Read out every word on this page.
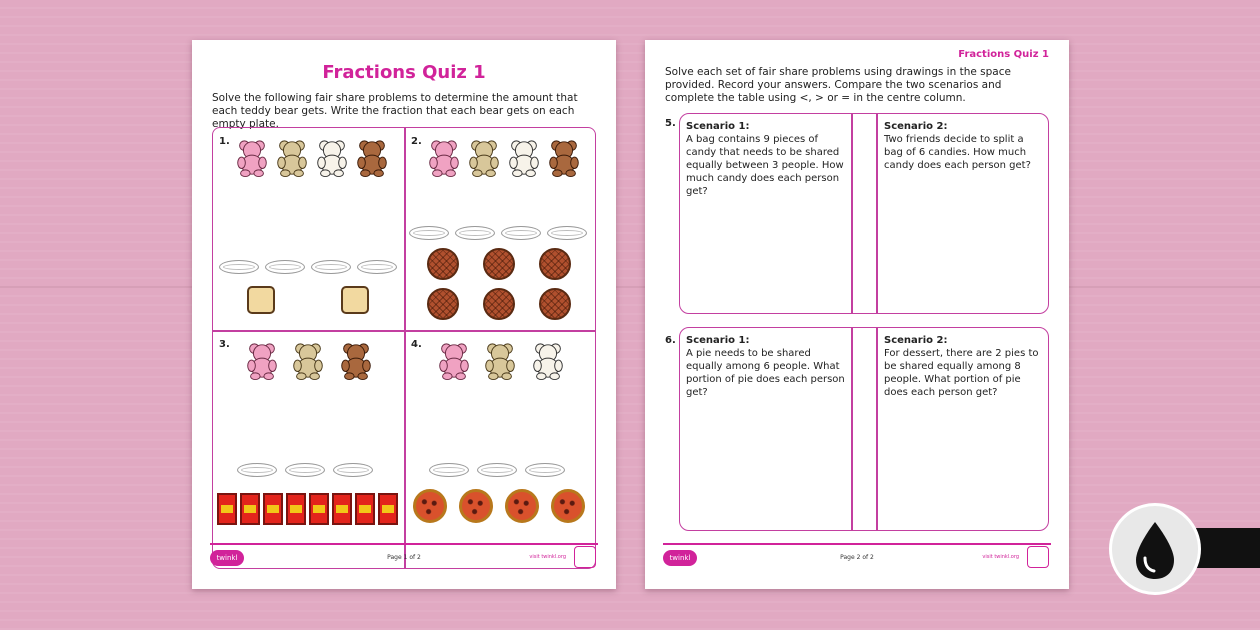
Fractions Quiz 1
Solve the following fair share problems to determine the amount that each teddy bear gets. Write the fraction that each bear gets on each empty plate.
1.	2.
3.	4.
twinkl	Page 1 of 2	visit twinkl.org
Fractions Quiz 1
Solve each set of fair share problems using drawings in the space provided. Record your answers. Compare the two scenarios and complete the table using <, > or = in the centre column.
5. Scenario 1:
A bag contains 9 pieces of candy that needs to be shared equally between 3 people. How much candy does each person get?
Scenario 2:
Two friends decide to split a bag of 6 candies. How much candy does each person get?
6. Scenario 1:
A pie needs to be shared equally among 6 people. What portion of pie does each person get?
Scenario 2:
For dessert, there are 2 pies to be shared equally among 8 people. What portion of pie does each person get?
twinkl	Page 2 of 2	visit twinkl.org
